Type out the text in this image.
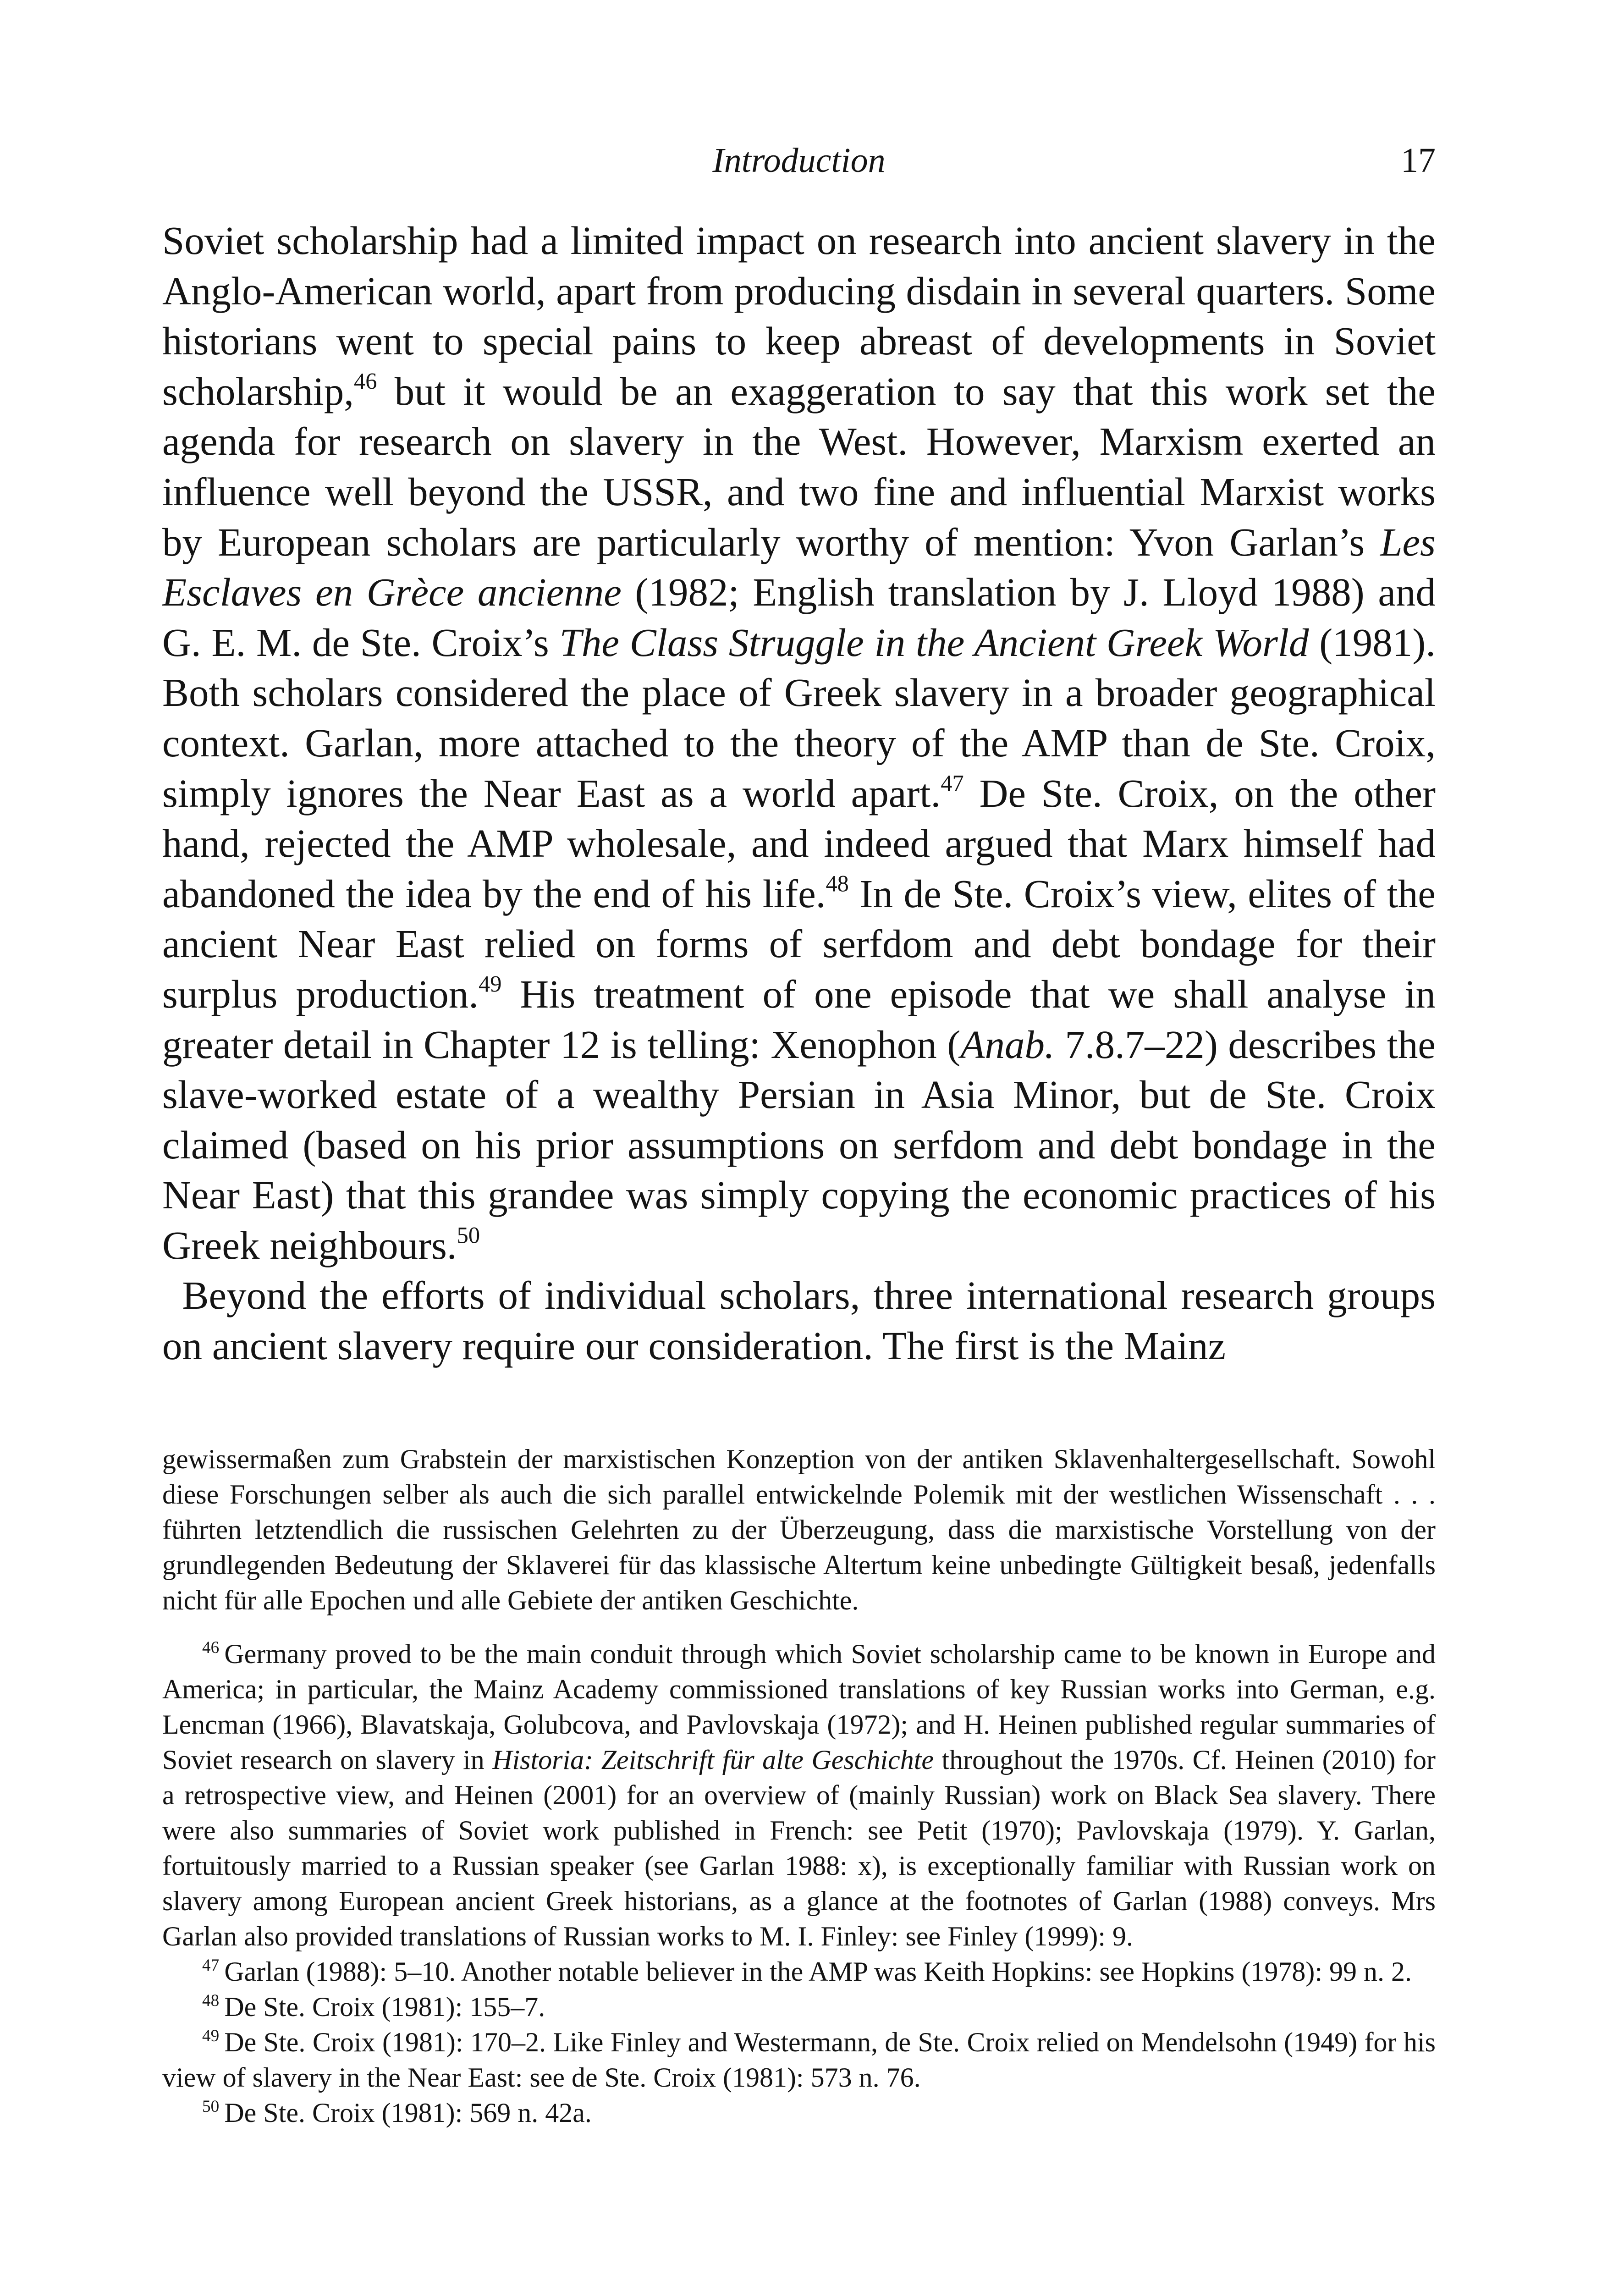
Introduction	17

Soviet scholarship had a limited impact on research into ancient slavery in the Anglo-American world, apart from producing disdain in several quarters. Some historians went to special pains to keep abreast of developments in Soviet scholarship,$^{46}$ but it would be an exaggeration to say that this work set the agenda for research on slavery in the West. However, Marxism exerted an influence well beyond the USSR, and two fine and influential Marxist works by European scholars are particularly worthy of mention: Yvon Garlan’s Les Esclaves en Grèce ancienne (1982; English translation by J. Lloyd 1988) and G. E. M. de Ste. Croix’s The Class Struggle in the Ancient Greek World (1981). Both scholars considered the place of Greek slavery in a broader geographical context. Garlan, more attached to the theory of the AMP than de Ste. Croix, simply ignores the Near East as a world apart.$^{47}$ De Ste. Croix, on the other hand, rejected the AMP wholesale, and indeed argued that Marx himself had abandoned the idea by the end of his life.$^{48}$ In de Ste. Croix’s view, elites of the ancient Near East relied on forms of serfdom and debt bondage for their surplus production.$^{49}$ His treatment of one episode that we shall analyse in greater detail in Chapter 12 is telling: Xenophon (Anab. 7.8.7–22) describes the slave-worked estate of a wealthy Persian in Asia Minor, but de Ste. Croix claimed (based on his prior assumptions on serfdom and debt bondage in the Near East) that this grandee was simply copying the economic practices of his Greek neighbours.$^{50}$

Beyond the efforts of individual scholars, three international research groups on ancient slavery require our consideration. The first is the Mainz

gewissermaßen zum Grabstein der marxistischen Konzeption von der antiken Sklavenhaltergesellschaft. Sowohl diese Forschungen selber als auch die sich parallel entwickelnde Polemik mit der westlichen Wissenschaft . . . führten letztendlich die russischen Gelehrten zu der Überzeugung, dass die marxistische Vorstellung von der grundlegenden Bedeutung der Sklaverei für das klassische Altertum keine unbedingte Gültigkeit besaß, jedenfalls nicht für alle Epochen und alle Gebiete der antiken Geschichte.

$^{46}$ Germany proved to be the main conduit through which Soviet scholarship came to be known in Europe and America; in particular, the Mainz Academy commissioned translations of key Russian works into German, e.g. Lencman (1966), Blavatskaja, Golubcova, and Pavlovskaja (1972); and H. Heinen published regular summaries of Soviet research on slavery in Historia: Zeitschrift für alte Geschichte throughout the 1970s. Cf. Heinen (2010) for a retrospective view, and Heinen (2001) for an overview of (mainly Russian) work on Black Sea slavery. There were also summaries of Soviet work published in French: see Petit (1970); Pavlovskaja (1979). Y. Garlan, fortuitously married to a Russian speaker (see Garlan 1988: x), is exceptionally familiar with Russian work on slavery among European ancient Greek historians, as a glance at the footnotes of Garlan (1988) conveys. Mrs Garlan also provided translations of Russian works to M. I. Finley: see Finley (1999): 9.

$^{47}$ Garlan (1988): 5–10. Another notable believer in the AMP was Keith Hopkins: see Hopkins (1978): 99 n. 2.

$^{48}$ De Ste. Croix (1981): 155–7.

$^{49}$ De Ste. Croix (1981): 170–2. Like Finley and Westermann, de Ste. Croix relied on Mendelsohn (1949) for his view of slavery in the Near East: see de Ste. Croix (1981): 573 n. 76.

$^{50}$ De Ste. Croix (1981): 569 n. 42a.
